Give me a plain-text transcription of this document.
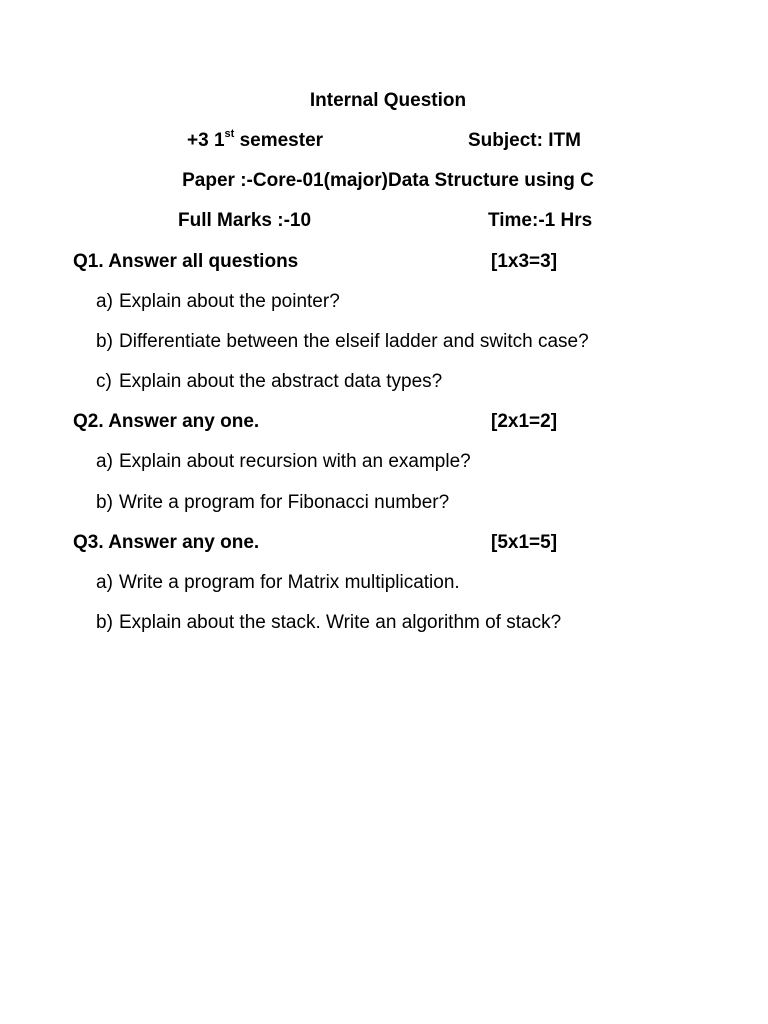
Internal Question
+3 1st semester	Subject: ITM
Paper :-Core-01(major)Data Structure using C
Full Marks :-10	Time:-1 Hrs
Q1. Answer all questions	[1x3=3]
a) Explain about the pointer?
b) Differentiate between the elseif ladder and switch case?
c) Explain about the abstract data types?
Q2. Answer any one.	[2x1=2]
a) Explain about recursion with an example?
b) Write a program for Fibonacci number?
Q3. Answer any one.	[5x1=5]
a) Write a program for Matrix multiplication.
b) Explain about the stack. Write an algorithm of stack?
